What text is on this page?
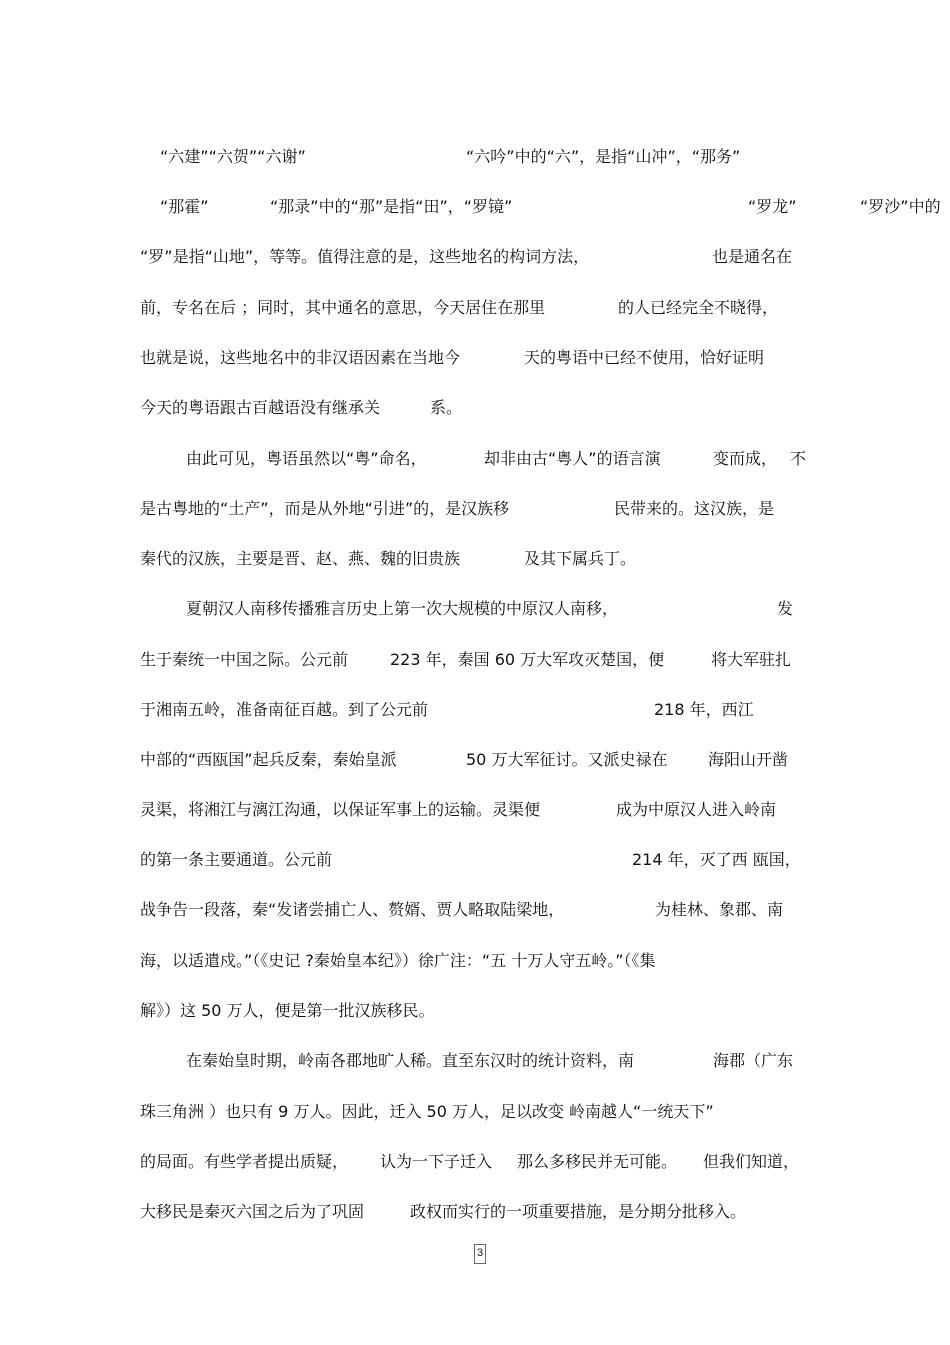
“六建”“六贺”“六谢”	“六吟”中的“六”，是指“山冲”，“那务”
“那霍”	“那录”中的“那”是指“田”，“罗镜”	“罗龙”	“罗沙”中的
“罗”是指“山地”，等等。值得注意的是，这些地名的构词方法，	也是通名在
前，专名在后 ；同时，其中通名的意思，今天居住在那里	的人已经完全不晓得，
也就是说，这些地名中的非汉语因素在当地今	天的粤语中已经不使用，恰好证明
今天的粤语跟古百越语没有继承关	系。
由此可见，粤语虽然以“粤”命名，	却非由古“粤人”的语言演	变而成， 不
是古粤地的“土产”，而是从外地“引进”的，是汉族移	民带来的。这汉族，是
秦代的汉族，主要是晋、赵、燕、魏的旧贵族	及其下属兵丁。
夏朝汉人南移传播雅言历史上第一次大规模的中原汉人南移，	发
生于秦统一中国之际。公元前	223 年，秦国 60 万大军攻灭楚国，便	将大军驻扎
于湘南五岭，准备南征百越。到了公元前	218 年，西江
中部的“西瓯国”起兵反秦，秦始皇派	50 万大军征讨。又派史禄在	海阳山开凿
灵渠，将湘江与漓江沟通，以保证军事上的运输。灵渠便	成为中原汉人进入岭南
的第一条主要通道。公元前	214 年，灭了西 瓯国，
战争告一段落，秦“发诸尝捕亡人、赘婿、贾人略取陆梁地，	为桂林、象郡、南
海，以适遣戍。”（《史记 ?秦始皇本纪》）徐广注：“五 十万人守五岭。”（《集
解》）这 50 万人，便是第一批汉族移民。
在秦始皇时期，岭南各郡地旷人稀。直至东汉时的统计资料，南	海郡（广东
珠三角洲 ）也只有 9 万人。因此，迁入 50 万人，足以改变 岭南越人“一统天下”
的局面。有些学者提出质疑， 认为一下子迁入 那么多移民并无可能。 但我们知道，
大移民是秦灭六国之后为了巩固	政权而实行的一项重要措施，是分期分批移入。
3
